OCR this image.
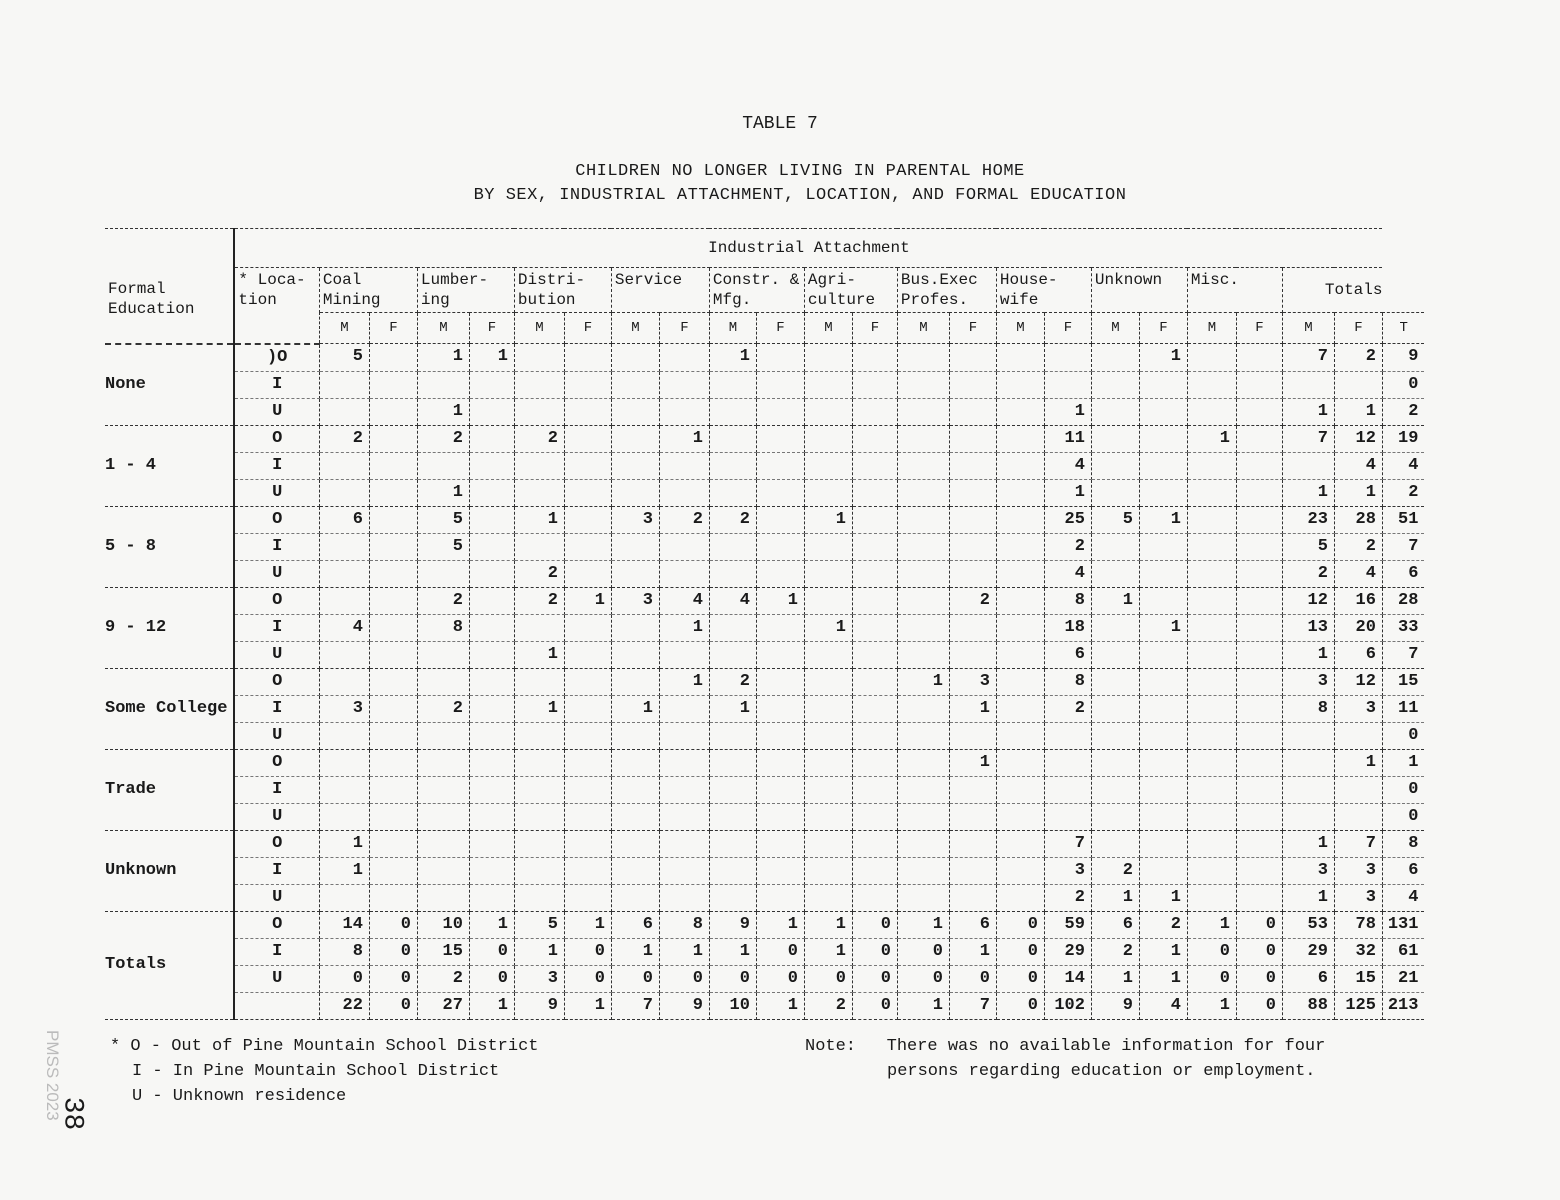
TABLE 7
CHILDREN NO LONGER LIVING IN PARENTAL HOME
BY SEX, INDUSTRIAL ATTACHMENT, LOCATION, AND FORMAL EDUCATION
Formal Education	Industrial Attachment																							
	* Loca- tion	Coal Mining		Lumber- ing		Distri- bution		Service		Constr. & Mfg.		Agri- culture		Bus.Exec Profes.		House- wife		Unknown		Misc.		Totals		
		M	F	M	F	M	F	M	F	M	F	M	F	M	F	M	F	M	F	M	F	M	F	T
None	)O	5		1	1					1									1			7	2	9
	I																							0
	U			1													1					1	1	2
1 - 4	O	2		2		2			1								11			1		7	12	19
	I																4						4	4
	U			1													1					1	1	2
5 - 8	O	6		5		1		3	2	2		1					25	5	1			23	28	51
	I			5													2					5	2	7
	U					2											4					2	4	6
9 - 12	O			2		2	1	3	4	4	1				2		8	1				12	16	28
	I	4		8					1			1					18		1			13	20	33
	U					1											6					1	6	7
Some College	O								1	2				1	3		8					3	12	15
	I	3		2		1		1		1					1		2					8	3	11
	U																							0
Trade	O														1								1	1
	I																							0
	U																							0
Unknown	O	1															7					1	7	8
	I	1															3	2				3	3	6
	U																2	1	1			1	3	4
Totals	O	14	0	10	1	5	1	6	8	9	1	1	0	1	6	0	59	6	2	1	0	53	78	131
	I	8	0	15	0	1	0	1	1	1	0	1	0	0	1	0	29	2	1	0	0	29	32	61
	U	0	0	2	0	3	0	0	0	0	0	0	0	0	0	0	14	1	1	0	0	6	15	21
		22	0	27	1	9	1	7	9	10	1	2	0	1	7	0	102	9	4	1	0	88	125	213
* O - Out of Pine Mountain School District
I - In Pine Mountain School District
U - Unknown residence
Note: There was no available information for four
persons regarding education or employment.
PMSS 2023
38
